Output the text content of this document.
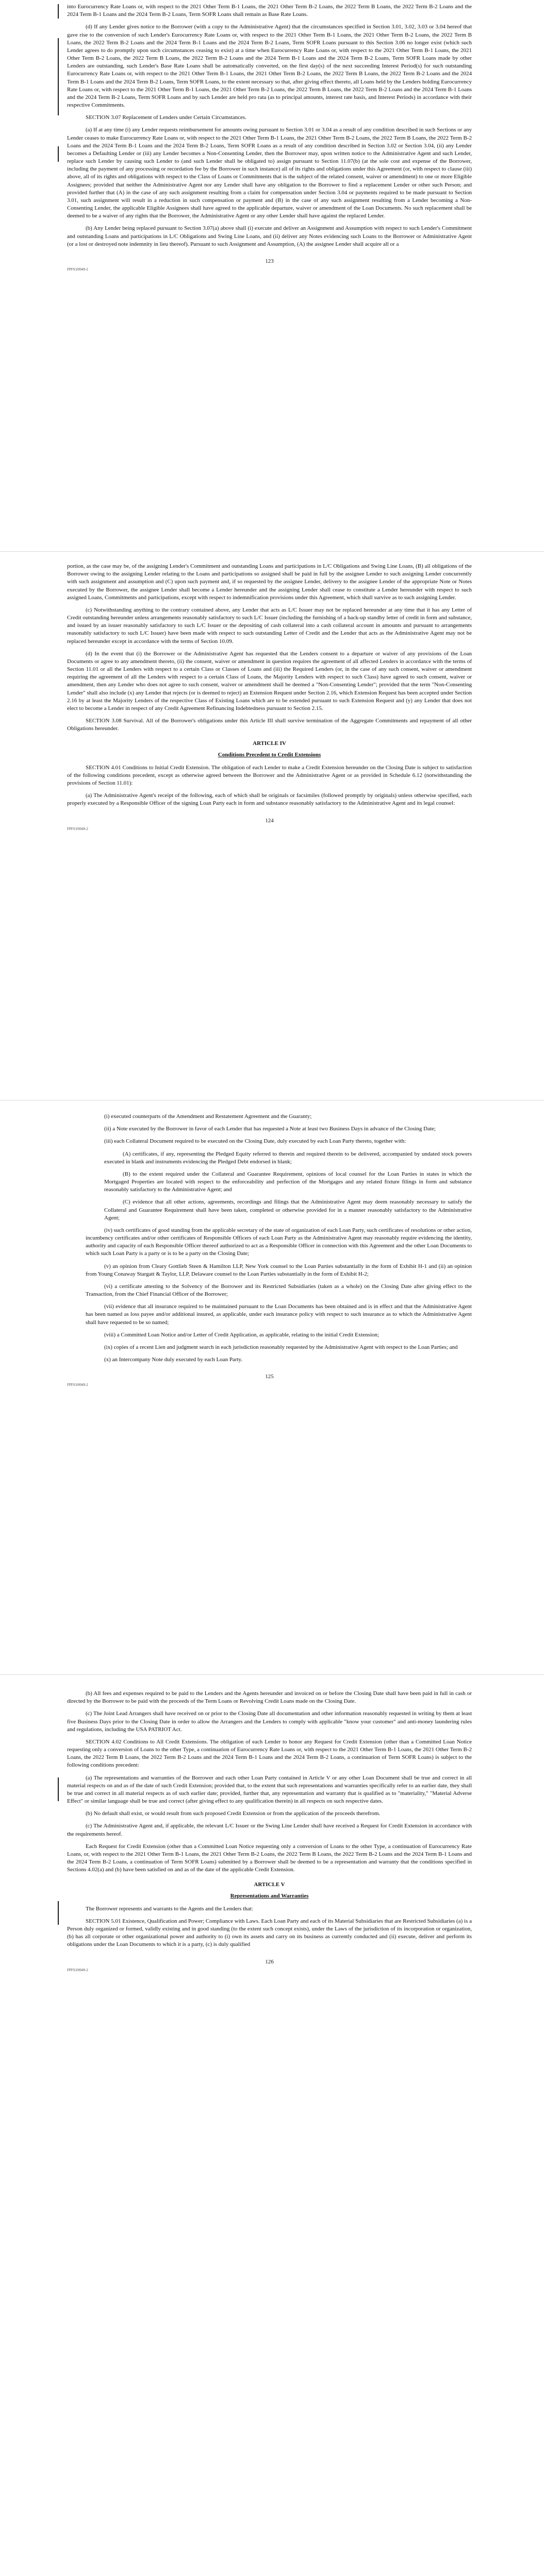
into Eurocurrency Rate Loans or, with respect to the 2021 Other Term B-1 Loans, the 2021 Other Term B-2 Loans, the 2022 Term B Loans, the 2022 Term B-2 Loans and the 2024 Term B-1 Loans and the 2024 Term B-2 Loans, Term SOFR Loans shall remain as Base Rate Loans.

(d) If any Lender gives notice to the Borrower (with a copy to the Administrative Agent) that the circumstances specified in Section 3.01, 3.02, 3.03 or 3.04 hereof that gave rise to the conversion of such Lender's Eurocurrency Rate Loans or, with respect to the 2021 Other Term B-1 Loans, the 2021 Other Term B-2 Loans, the 2022 Term B Loans, the 2022 Term B-2 Loans and the 2024 Term B-1 Loans and the 2024 Term B-2 Loans, Term SOFR Loans pursuant to this Section 3.06 no longer exist (which such Lender agrees to do promptly upon such circumstances ceasing to exist) at a time when Eurocurrency Rate Loans or, with respect to the 2021 Other Term B-1 Loans, the 2021 Other Term B-2 Loans, the 2022 Term B Loans, the 2022 Term B-2 Loans and the 2024 Term B-1 Loans and the 2024 Term B-2 Loans, Term SOFR Loans made by other Lenders are outstanding, such Lender's Base Rate Loans shall be automatically converted, on the first day(s) of the next succeeding Interest Period(s) for such outstanding Eurocurrency Rate Loans or, with respect to the 2021 Other Term B-1 Loans, the 2021 Other Term B-2 Loans, the 2022 Term B Loans, the 2022 Term B-2 Loans and the 2024 Term B-1 Loans and the 2024 Term B-2 Loans, Term SOFR Loans, to the extent necessary so that, after giving effect thereto, all Loans held by the Lenders holding Eurocurrency Rate Loans or, with respect to the 2021 Other Term B-1 Loans, the 2021 Other Term B-2 Loans, the 2022 Term B Loans, the 2022 Term B-2 Loans and the 2024 Term B-1 Loans and the 2024 Term B-2 Loans, Term SOFR Loans and by such Lender are held pro rata (as to principal amounts, interest rate basis, and Interest Periods) in accordance with their respective Commitments.

SECTION 3.07 Replacement of Lenders under Certain Circumstances.

(a) If at any time (i) any Lender requests reimbursement for amounts owing pursuant to Section 3.01 or 3.04 as a result of any condition described in such Sections or any Lender ceases to make Eurocurrency Rate Loans or, with respect to the 2021 Other Term B-1 Loans, the 2021 Other Term B-2 Loans, the 2022 Term B Loans, the 2022 Term B-2 Loans and the 2024 Term B-1 Loans and the 2024 Term B-2 Loans, Term SOFR Loans as a result of any condition described in Section 3.02 or Section 3.04, (ii) any Lender becomes a Defaulting Lender or (iii) any Lender becomes a Non-Consenting Lender, then the Borrower may, upon written notice to the Administrative Agent and such Lender, replace such Lender by causing such Lender to (and such Lender shall be obligated to) assign pursuant to Section 11.07(b) (at the sole cost and expense of the Borrower, including the payment of any processing or recordation fee by the Borrower in such instance) all of its rights and obligations under this Agreement (or, with respect to clause (iii) above, all of its rights and obligations with respect to the Class of Loans or Commitments that is the subject of the related consent, waiver or amendment) to one or more Eligible Assignees; provided that neither the Administrative Agent nor any Lender shall have any obligation to the Borrower to find a replacement Lender or other such Person; and provided further that (A) in the case of any such assignment resulting from a claim for compensation under Section 3.04 or payments required to be made pursuant to Section 3.01, such assignment will result in a reduction in such compensation or payment and (B) in the case of any such assignment resulting from a Lender becoming a Non-Consenting Lender, the applicable Eligible Assignees shall have agreed to the applicable departure, waiver or amendment of the Loan Documents. No such replacement shall be deemed to be a waiver of any rights that the Borrower, the Administrative Agent or any other Lender shall have against the replaced Lender.

(b) Any Lender being replaced pursuant to Section 3.07(a) above shall (i) execute and deliver an Assignment and Assumption with respect to such Lender's Commitment and outstanding Loans and participations in L/C Obligations and Swing Line Loans, and (ii) deliver any Notes evidencing such Loans to the Borrower or Administrative Agent (or a lost or destroyed note indemnity in lieu thereof). Pursuant to such Assignment and Assumption, (A) the assignee Lender shall acquire all or a

123
FPFS3/0049-2

portion, as the case may be, of the assigning Lender's Commitment and outstanding Loans and participations in L/C Obligations and Swing Line Loans, (B) all obligations of the Borrower owing to the assigning Lender relating to the Loans and participations so assigned shall be paid in full by the assignee Lender to such assigning Lender concurrently with such assignment and assumption and (C) upon such payment and, if so requested by the assignee Lender, delivery to the assignee Lender of the appropriate Note or Notes executed by the Borrower, the assignee Lender shall become a Lender hereunder and the assigning Lender shall cease to constitute a Lender hereunder with respect to such assigned Loans, Commitments and participations, except with respect to indemnification provisions under this Agreement, which shall survive as to such assigning Lender.

(c) Notwithstanding anything to the contrary contained above, any Lender that acts as L/C Issuer may not be replaced hereunder at any time that it has any Letter of Credit outstanding hereunder unless arrangements reasonably satisfactory to such L/C Issuer (including the furnishing of a back-up standby letter of credit in form and substance, and issued by an issuer reasonably satisfactory to such L/C Issuer or the depositing of cash collateral into a cash collateral account in amounts and pursuant to arrangements reasonably satisfactory to such L/C Issuer) have been made with respect to such outstanding Letter of Credit and the Lender that acts as the Administrative Agent may not be replaced hereunder except in accordance with the terms of Section 10.09.

(d) In the event that (i) the Borrower or the Administrative Agent has requested that the Lenders consent to a departure or waiver of any provisions of the Loan Documents or agree to any amendment thereto, (ii) the consent, waiver or amendment in question requires the agreement of all affected Lenders in accordance with the terms of Section 11.01 or all the Lenders with respect to a certain Class or Classes of Loans and (iii) the Required Lenders (or, in the case of any such consent, waiver or amendment requiring the agreement of all the Lenders with respect to a certain Class of Loans, the Majority Lenders with respect to such Class) have agreed to such consent, waiver or amendment, then any Lender who does not agree to such consent, waiver or amendment shall be deemed a "Non-Consenting Lender"; provided that the term "Non-Consenting Lender" shall also include (x) any Lender that rejects (or is deemed to reject) an Extension Request under Section 2.16, which Extension Request has been accepted under Section 2.16 by at least the Majority Lenders of the respective Class of Existing Loans which are to be extended pursuant to such Extension Request and (y) any Lender that does not elect to become a Lender in respect of any Credit Agreement Refinancing Indebtedness pursuant to Section 2.15.

SECTION 3.08 Survival. All of the Borrower's obligations under this Article III shall survive termination of the Aggregate Commitments and repayment of all other Obligations hereunder.

ARTICLE IV
Conditions Precedent to Credit Extensions

SECTION 4.01 Conditions to Initial Credit Extension. The obligation of each Lender to make a Credit Extension hereunder on the Closing Date is subject to satisfaction of the following conditions precedent, except as otherwise agreed between the Borrower and the Administrative Agent or as provided in Schedule 6.12 (notwithstanding the provisions of Section 11.01):

(a) The Administrative Agent's receipt of the following, each of which shall be originals or facsimiles (followed promptly by originals) unless otherwise specified, each properly executed by a Responsible Officer of the signing Loan Party each in form and substance reasonably satisfactory to the Administrative Agent and its legal counsel:

124
FPFS3/0049-2

(i) executed counterparts of the Amendment and Restatement Agreement and the Guaranty;

(ii) a Note executed by the Borrower in favor of each Lender that has requested a Note at least two Business Days in advance of the Closing Date;

(iii) each Collateral Document required to be executed on the Closing Date, duly executed by each Loan Party thereto, together with:

(A) certificates, if any, representing the Pledged Equity referred to therein and required therein to be delivered, accompanied by undated stock powers executed in blank and instruments evidencing the Pledged Debt endorsed in blank;

(B) to the extent required under the Collateral and Guarantee Requirement, opinions of local counsel for the Loan Parties in states in which the Mortgaged Properties are located with respect to the enforceability and perfection of the Mortgages and any related fixture filings in form and substance reasonably satisfactory to the Administrative Agent; and

(C) evidence that all other actions, agreements, recordings and filings that the Administrative Agent may deem reasonably necessary to satisfy the Collateral and Guarantee Requirement shall have been taken, completed or otherwise provided for in a manner reasonably satisfactory to the Administrative Agent;

(iv) such certificates of good standing from the applicable secretary of the state of organization of each Loan Party, such certificates of resolutions or other action, incumbency certificates and/or other certificates of Responsible Officers of each Loan Party as the Administrative Agent may reasonably require evidencing the identity, authority and capacity of each Responsible Officer thereof authorized to act as a Responsible Officer in connection with this Agreement and the other Loan Documents to which such Loan Party is a party or is to be a party on the Closing Date;

(v) an opinion from Cleary Gottlieb Steen & Hamilton LLP, New York counsel to the Loan Parties substantially in the form of Exhibit H-1 and (ii) an opinion from Young Conaway Stargatt & Taylor, LLP, Delaware counsel to the Loan Parties substantially in the form of Exhibit H-2;

(vi) a certificate attesting to the Solvency of the Borrower and its Restricted Subsidiaries (taken as a whole) on the Closing Date after giving effect to the Transaction, from the Chief Financial Officer of the Borrower;

(vii) evidence that all insurance required to be maintained pursuant to the Loan Documents has been obtained and is in effect and that the Administrative Agent has been named as loss payee and/or additional insured, as applicable, under each insurance policy with respect to such insurance as to which the Administrative Agent shall have requested to be so named;

(viii) a Committed Loan Notice and/or Letter of Credit Application, as applicable, relating to the initial Credit Extension;

(ix) copies of a recent Lien and judgment search in each jurisdiction reasonably requested by the Administrative Agent with respect to the Loan Parties; and

(x) an Intercompany Note duly executed by each Loan Party.

125
FPFS3/0049-2

(b) All fees and expenses required to be paid to the Lenders and the Agents hereunder and invoiced on or before the Closing Date shall have been paid in full in cash or directed by the Borrower to be paid with the proceeds of the Term Loans or Revolving Credit Loans made on the Closing Date.

(c) The Joint Lead Arrangers shall have received on or prior to the Closing Date all documentation and other information reasonably requested in writing by them at least five Business Days prior to the Closing Date in order to allow the Arrangers and the Lenders to comply with applicable "know your customer" and anti-money laundering rules and regulations, including the USA PATRIOT Act.

SECTION 4.02 Conditions to All Credit Extensions. The obligation of each Lender to honor any Request for Credit Extension (other than a Committed Loan Notice requesting only a conversion of Loans to the other Type, a continuation of Eurocurrency Rate Loans or, with respect to the 2021 Other Term B-1 Loans, the 2021 Other Term B-2 Loans, the 2022 Term B Loans, the 2022 Term B-2 Loans and the 2024 Term B-1 Loans and the 2024 Term B-2 Loans, a continuation of Term SOFR Loans) is subject to the following conditions precedent:

(a) The representations and warranties of the Borrower and each other Loan Party contained in Article V or any other Loan Document shall be true and correct in all material respects on and as of the date of such Credit Extension; provided that, to the extent that such representations and warranties specifically refer to an earlier date, they shall be true and correct in all material respects as of such earlier date; provided, further that, any representation and warranty that is qualified as to "materiality," "Material Adverse Effect" or similar language shall be true and correct (after giving effect to any qualification therein) in all respects on such respective dates.

(b) No default shall exist, or would result from such proposed Credit Extension or from the application of the proceeds therefrom.

(c) The Administrative Agent and, if applicable, the relevant L/C Issuer or the Swing Line Lender shall have received a Request for Credit Extension in accordance with the requirements hereof.

Each Request for Credit Extension (other than a Committed Loan Notice requesting only a conversion of Loans to the other Type, a continuation of Eurocurrency Rate Loans, or, with respect to the 2021 Other Term B-1 Loans, the 2021 Other Term B-2 Loans, the 2022 Term B Loans, the 2022 Term B-2 Loans and the 2024 Term B-1 Loans and the 2024 Term B-2 Loans, a continuation of Term SOFR Loans) submitted by a Borrower shall be deemed to be a representation and warranty that the conditions specified in Sections 4.02(a) and (b) have been satisfied on and as of the date of the applicable Credit Extension.

ARTICLE V
Representations and Warranties

The Borrower represents and warrants to the Agents and the Lenders that:

SECTION 5.01 Existence, Qualification and Power; Compliance with Laws. Each Loan Party and each of its Material Subsidiaries that are Restricted Subsidiaries (a) is a Person duly organized or formed, validly existing and in good standing (to the extent such concept exists), under the Laws of the jurisdiction of its incorporation or organization, (b) has all corporate or other organizational power and authority to (i) own its assets and carry on its business as currently conducted and (ii) execute, deliver and perform its obligations under the Loan Documents to which it is a party, (c) is duly qualified

126
FPFS3/0049-2
